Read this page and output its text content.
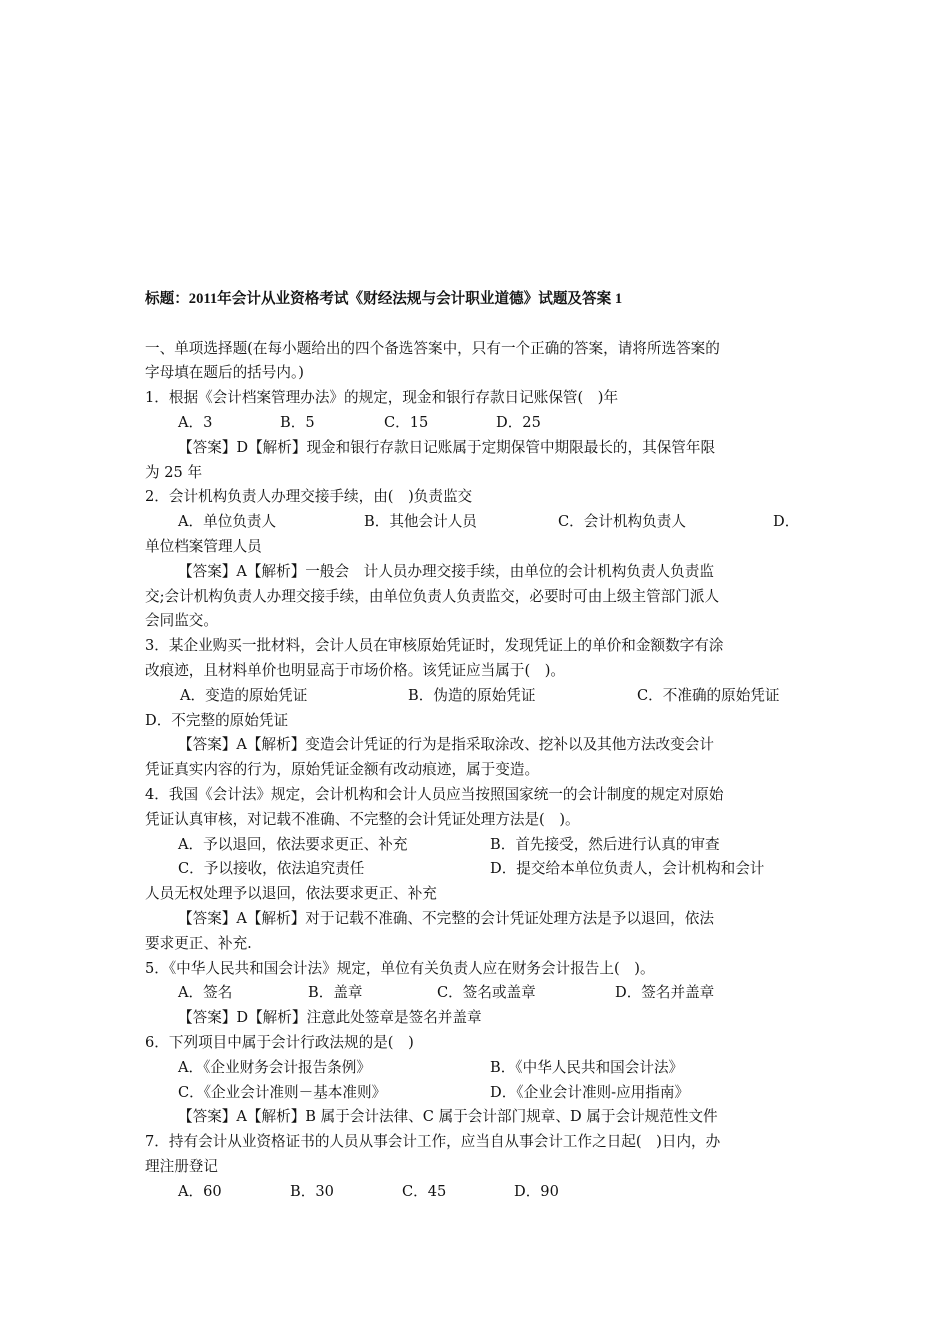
标题：2011年会计从业资格考试《财经法规与会计职业道德》试题及答案 1
一、单项选择题(在每小题给出的四个备选答案中，只有一个正确的答案，请将所选答案的
字母填在题后的括号内。)
1．根据《会计档案管理办法》的规定，现金和银行存款日记账保管(　)年
A．3	B．5	C．15	D．25
【答案】D【解析】现金和银行存款日记账属于定期保管中期限最长的，其保管年限
为 25 年
2．会计机构负责人办理交接手续，由(　)负责监交
A．单位负责人	B．其他会计人员	C．会计机构负责人	D．
单位档案管理人员
【答案】A【解析】一般会　计人员办理交接手续，由单位的会计机构负责人负责监
交;会计机构负责人办理交接手续，由单位负责人负责监交，必要时可由上级主管部门派人
会同监交。
3．某企业购买一批材料，会计人员在审核原始凭证时，发现凭证上的单价和金额数字有涂
改痕迹，且材料单价也明显高于市场价格。该凭证应当属于(　)。
A．变造的原始凭证	B．伪造的原始凭证	C．不准确的原始凭证
D．不完整的原始凭证
【答案】A【解析】变造会计凭证的行为是指采取涂改、挖补以及其他方法改变会计
凭证真实内容的行为，原始凭证金额有改动痕迹，属于变造。
4．我国《会计法》规定，会计机构和会计人员应当按照国家统一的会计制度的规定对原始
凭证认真审核，对记载不准确、不完整的会计凭证处理方法是(　)。
A．予以退回，依法要求更正、补充	B．首先接受，然后进行认真的审查
C．予以接收，依法追究责任	D．提交给本单位负责人，会计机构和会计
人员无权处理予以退回，依法要求更正、补充
【答案】A【解析】对于记载不准确、不完整的会计凭证处理方法是予以退回，依法
要求更正、补充.
5．《中华人民共和国会计法》规定，单位有关负责人应在财务会计报告上(　)。
A．签名	B．盖章	C．签名或盖章	D．签名并盖章
【答案】D【解析】注意此处签章是签名并盖章
6．下列项目中属于会计行政法规的是(　)
A．《企业财务会计报告条例》	B．《中华人民共和国会计法》
C．《企业会计准则－基本准则》	D．《企业会计准则-应用指南》
【答案】A【解析】B 属于会计法律、C 属于会计部门规章、D 属于会计规范性文件
7．持有会计从业资格证书的人员从事会计工作，应当自从事会计工作之日起(　)日内，办
理注册登记
A．60	B．30	C．45	D．90
